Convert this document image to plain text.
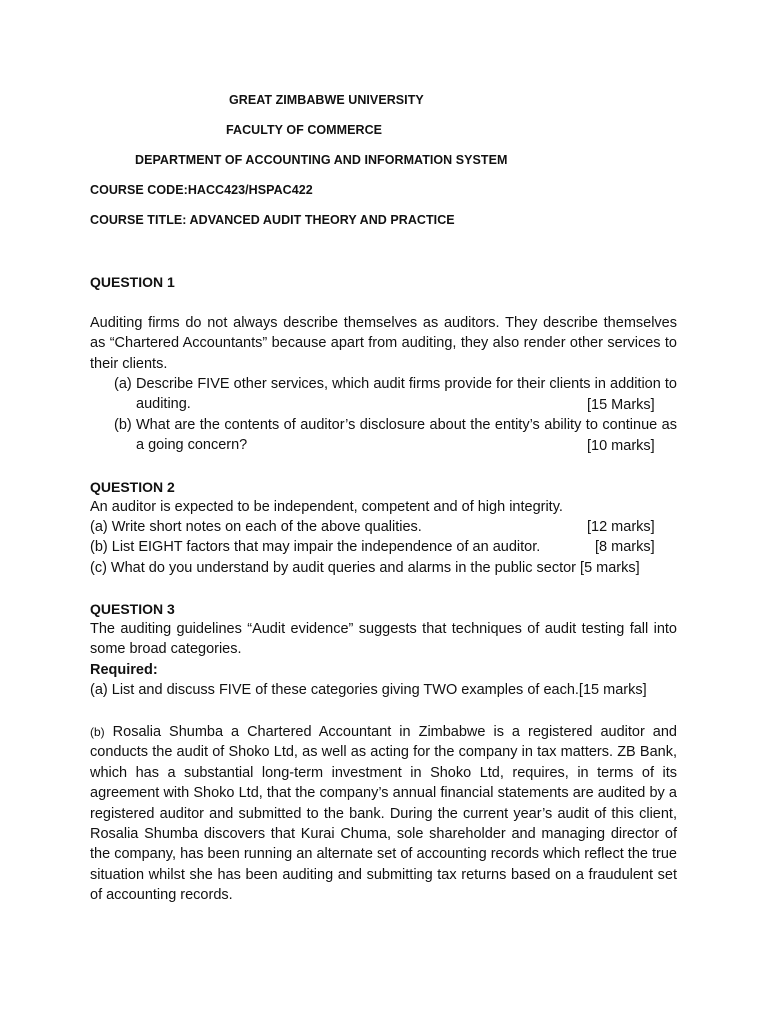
GREAT ZIMBABWE UNIVERSITY
FACULTY OF COMMERCE
DEPARTMENT OF ACCOUNTING AND INFORMATION SYSTEM
COURSE CODE:HACC423/HSPAC422
COURSE TITLE: ADVANCED AUDIT THEORY AND PRACTICE
QUESTION 1
Auditing firms do not always describe themselves as auditors. They describe themselves as “Chartered Accountants” because apart from auditing, they also render other services to their clients.
(a) Describe FIVE other services, which audit firms provide for their clients in addition to auditing.	[15 Marks]
(b) What are the contents of auditor’s disclosure about the entity’s ability to continue as a going concern?	[10 marks]
QUESTION 2
An auditor is expected to be independent, competent and of high integrity.
(a) Write short notes on each of the above qualities.	[12 marks]
(b) List EIGHT factors that may impair the independence of an auditor.	[8 marks]
(c) What do you understand by audit queries and alarms in the public sector [5 marks]
QUESTION 3
The auditing guidelines “Audit evidence” suggests that techniques of audit testing fall into some broad categories.
Required:
(a) List and discuss FIVE of these categories giving TWO examples of each.[15 marks]
(b) Rosalia Shumba a Chartered Accountant in Zimbabwe is a registered auditor and conducts the audit of Shoko Ltd, as well as acting for the company in tax matters. ZB Bank, which has a substantial long-term investment in Shoko Ltd, requires, in terms of its agreement with Shoko Ltd, that the company’s annual financial statements are audited by a registered auditor and submitted to the bank. During the current year’s audit of this client, Rosalia Shumba discovers that Kurai Chuma, sole shareholder and managing director of the company, has been running an alternate set of accounting records which reflect the true situation whilst she has been auditing and submitting tax returns based on a fraudulent set of accounting records.
